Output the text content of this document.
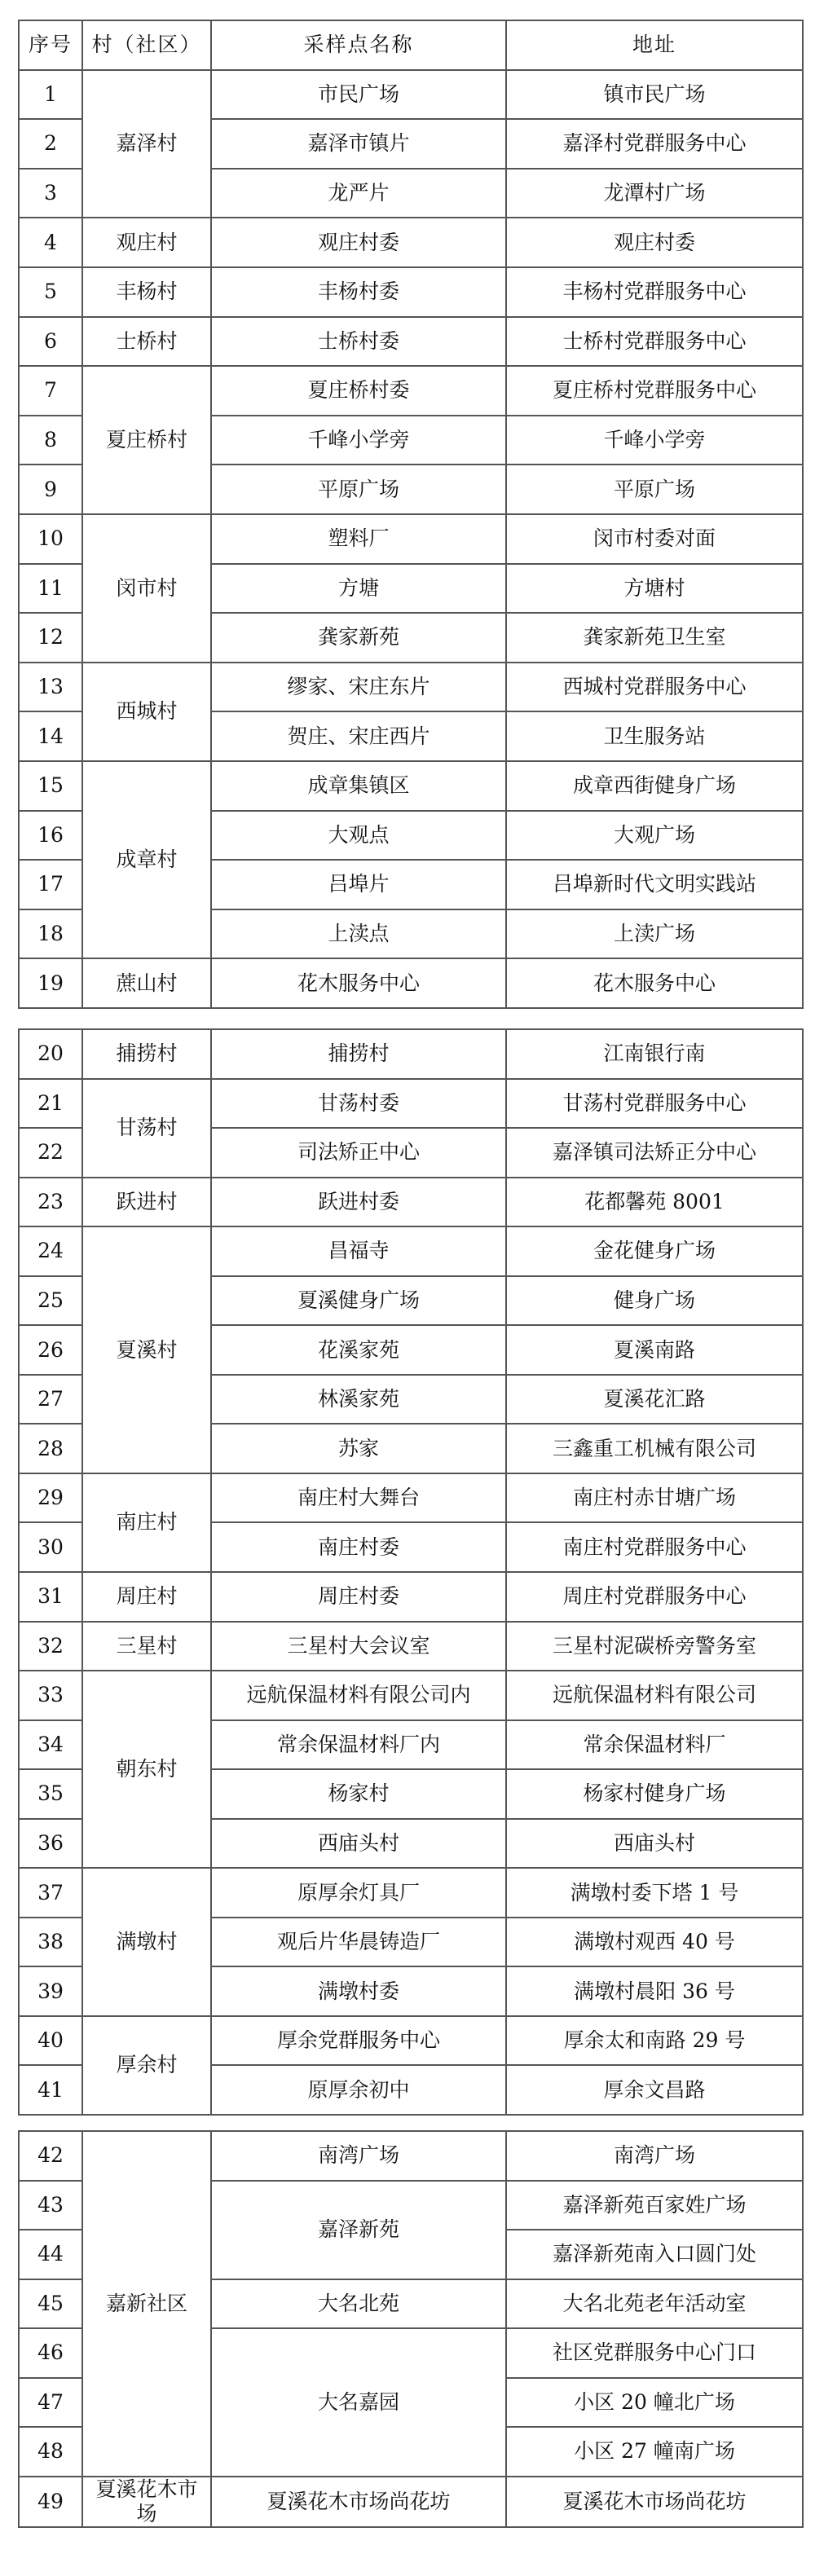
序号	村（社区）	采样点名称	地址
1	嘉泽村	市民广场	镇市民广场
2		嘉泽市镇片	嘉泽村党群服务中心
3		龙严片	龙潭村广场
4	观庄村	观庄村委	观庄村委
5	丰杨村	丰杨村委	丰杨村党群服务中心
6	士桥村	士桥村委	士桥村党群服务中心
7	夏庄桥村	夏庄桥村委	夏庄桥村党群服务中心
8		千峰小学旁	千峰小学旁
9		平原广场	平原广场
10	闵市村	塑料厂	闵市村委对面
11		方塘	方塘村
12		龚家新苑	龚家新苑卫生室
13	西城村	缪家、宋庄东片	西城村党群服务中心
14		贺庄、宋庄西片	卫生服务站
15	成章村	成章集镇区	成章西街健身广场
16		大观点	大观广场
17		吕埠片	吕埠新时代文明实践站
18		上渎点	上渎广场
19	蔗山村	花木服务中心	花木服务中心
20	捕捞村	捕捞村	江南银行南
21	甘荡村	甘荡村委	甘荡村党群服务中心
22		司法矫正中心	嘉泽镇司法矫正分中心
23	跃进村	跃进村委	花都馨苑 8001
24	夏溪村	昌福寺	金花健身广场
25		夏溪健身广场	健身广场
26		花溪家苑	夏溪南路
27		林溪家苑	夏溪花汇路
28		苏家	三鑫重工机械有限公司
29	南庄村	南庄村大舞台	南庄村赤甘塘广场
30		南庄村委	南庄村党群服务中心
31	周庄村	周庄村委	周庄村党群服务中心
32	三星村	三星村大会议室	三星村泥碳桥旁警务室
33	朝东村	远航保温材料有限公司内	远航保温材料有限公司
34		常余保温材料厂内	常余保温材料厂
35		杨家村	杨家村健身广场
36		西庙头村	西庙头村
37	满墩村	原厚余灯具厂	满墩村委下塔 1 号
38		观后片华晨铸造厂	满墩村观西 40 号
39		满墩村委	满墩村晨阳 36 号
40	厚余村	厚余党群服务中心	厚余太和南路 29 号
41		原厚余初中	厚余文昌路
42	嘉新社区	南湾广场	南湾广场
43		嘉泽新苑	嘉泽新苑百家姓广场
44			嘉泽新苑南入口圆门处
45		大名北苑	大名北苑老年活动室
46		大名嘉园	社区党群服务中心门口
47			小区 20 幢北广场
48			小区 27 幢南广场
49	夏溪花木市场	夏溪花木市场尚花坊	夏溪花木市场尚花坊
